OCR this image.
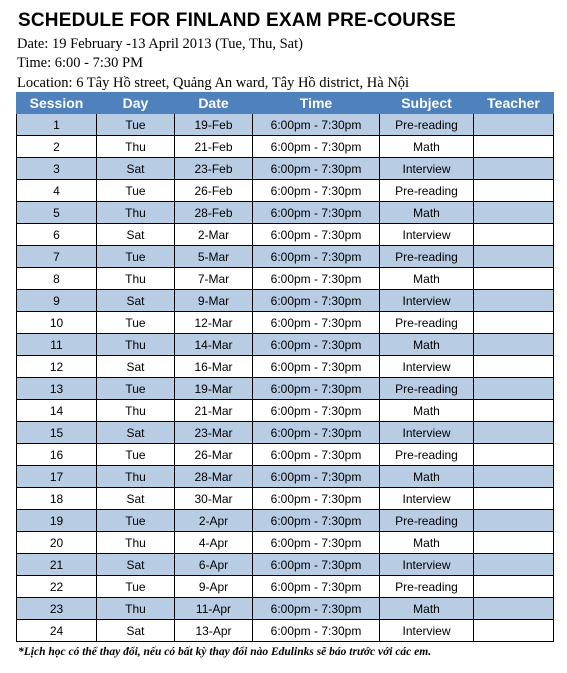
SCHEDULE FOR FINLAND EXAM PRE-COURSE
Date: 19 February -13 April 2013 (Tue, Thu, Sat)
Time: 6:00 - 7:30 PM
Location: 6 Tây Hồ street, Quảng An ward, Tây Hồ district, Hà Nội
Session	Day	Date	Time	Subject	Teacher
1	Tue	19-Feb	6:00pm - 7:30pm	Pre-reading	
2	Thu	21-Feb	6:00pm - 7:30pm	Math	
3	Sat	23-Feb	6:00pm - 7:30pm	Interview	
4	Tue	26-Feb	6:00pm - 7:30pm	Pre-reading	
5	Thu	28-Feb	6:00pm - 7:30pm	Math	
6	Sat	2-Mar	6:00pm - 7:30pm	Interview	
7	Tue	5-Mar	6:00pm - 7:30pm	Pre-reading	
8	Thu	7-Mar	6:00pm - 7:30pm	Math	
9	Sat	9-Mar	6:00pm - 7:30pm	Interview	
10	Tue	12-Mar	6:00pm - 7:30pm	Pre-reading	
11	Thu	14-Mar	6:00pm - 7:30pm	Math	
12	Sat	16-Mar	6:00pm - 7:30pm	Interview	
13	Tue	19-Mar	6:00pm - 7:30pm	Pre-reading	
14	Thu	21-Mar	6:00pm - 7:30pm	Math	
15	Sat	23-Mar	6:00pm - 7:30pm	Interview	
16	Tue	26-Mar	6:00pm - 7:30pm	Pre-reading	
17	Thu	28-Mar	6:00pm - 7:30pm	Math	
18	Sat	30-Mar	6:00pm - 7:30pm	Interview	
19	Tue	2-Apr	6:00pm - 7:30pm	Pre-reading	
20	Thu	4-Apr	6:00pm - 7:30pm	Math	
21	Sat	6-Apr	6:00pm - 7:30pm	Interview	
22	Tue	9-Apr	6:00pm - 7:30pm	Pre-reading	
23	Thu	11-Apr	6:00pm - 7:30pm	Math	
24	Sat	13-Apr	6:00pm - 7:30pm	Interview	
*Lịch học có thể thay đổi, nếu có bất kỳ thay đổi nào Edulinks sẽ báo trước với các em.
